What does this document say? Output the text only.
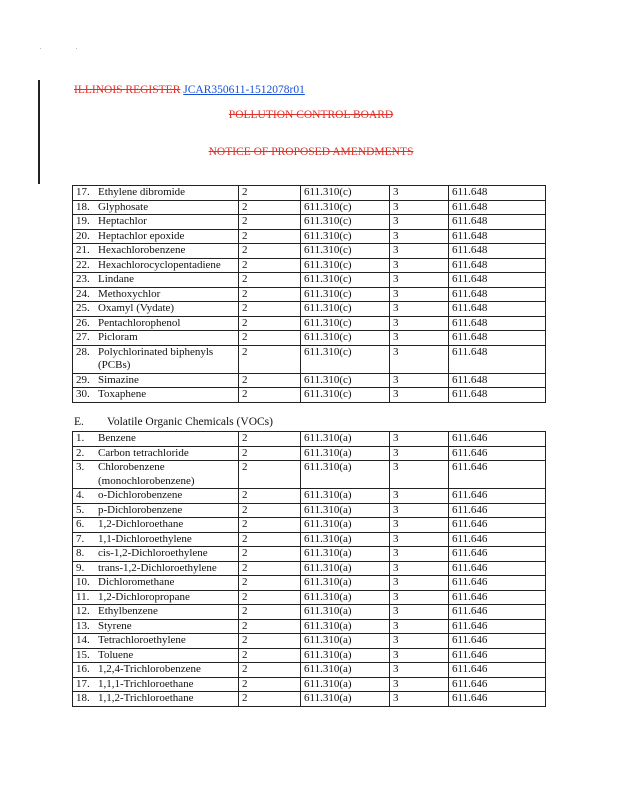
ILLINOIS REGISTER JCAR350611-1512078r01
POLLUTION CONTROL BOARD
NOTICE OF PROPOSED AMENDMENTS
17. Ethylene dibromide	2	611.310(c)	3	611.648
18. Glyphosate	2	611.310(c)	3	611.648
19. Heptachlor	2	611.310(c)	3	611.648
20. Heptachlor epoxide	2	611.310(c)	3	611.648
21. Hexachlorobenzene	2	611.310(c)	3	611.648
22. Hexachlorocyclopentadiene	2	611.310(c)	3	611.648
23. Lindane	2	611.310(c)	3	611.648
24. Methoxychlor	2	611.310(c)	3	611.648
25. Oxamyl (Vydate)	2	611.310(c)	3	611.648
26. Pentachlorophenol	2	611.310(c)	3	611.648
27. Picloram	2	611.310(c)	3	611.648
28. Polychlorinated biphenyls
(PCBs)	2	611.310(c)	3	611.648
29. Simazine	2	611.310(c)	3	611.648
30. Toxaphene	2	611.310(c)	3	611.648
E. Volatile Organic Chemicals (VOCs)
1. Benzene	2	611.310(a)	3	611.646
2. Carbon tetrachloride	2	611.310(a)	3	611.646
3. Chlorobenzene
(monochlorobenzene)	2	611.310(a)	3	611.646
4. o-Dichlorobenzene	2	611.310(a)	3	611.646
5. p-Dichlorobenzene	2	611.310(a)	3	611.646
6. 1,2-Dichloroethane	2	611.310(a)	3	611.646
7. 1,1-Dichloroethylene	2	611.310(a)	3	611.646
8. cis-1,2-Dichloroethylene	2	611.310(a)	3	611.646
9. trans-1,2-Dichloroethylene	2	611.310(a)	3	611.646
10. Dichloromethane	2	611.310(a)	3	611.646
11. 1,2-Dichloropropane	2	611.310(a)	3	611.646
12. Ethylbenzene	2	611.310(a)	3	611.646
13. Styrene	2	611.310(a)	3	611.646
14. Tetrachloroethylene	2	611.310(a)	3	611.646
15. Toluene	2	611.310(a)	3	611.646
16. 1,2,4-Trichlorobenzene	2	611.310(a)	3	611.646
17. 1,1,1-Trichloroethane	2	611.310(a)	3	611.646
18. 1,1,2-Trichloroethane	2	611.310(a)	3	611.646
